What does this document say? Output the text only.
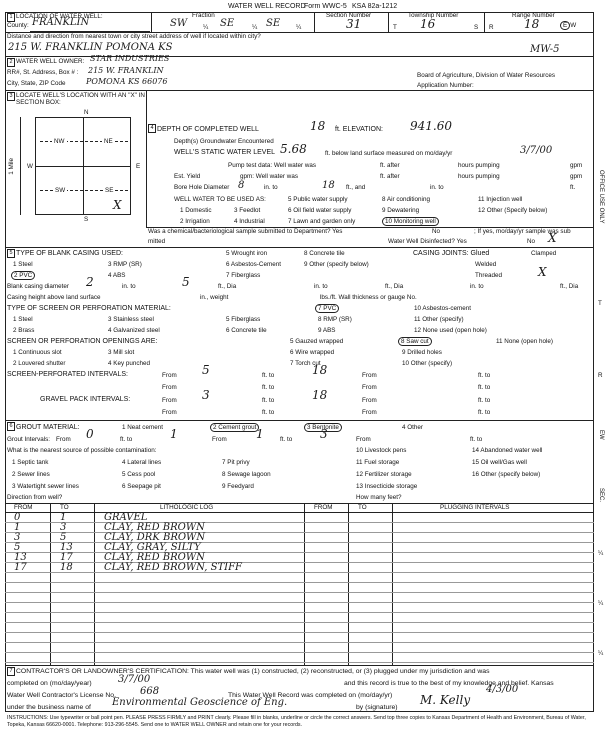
WATER WELL RECORD
Form WWC-5 KSA 82a-1212
1 LOCATION OF WATER WELL:
County: FRANKLIN
Fraction
SW	¼ SE	¼ SE	¼
Section Number
31
Township Number
T 16	S
Range Number
R	18	E W
Distance and direction from nearest town or city street address of well if located within city?
215 W. FRANKLIN POMONA KS	MW-5
2 WATER WELL OWNER: STAR INDUSTRIES
RR#, St. Address, Box # : 215 W. FRANKLIN
City, State, ZIP Code	POMONA KS 66076
Board of Agriculture, Division of Water Resources
Application Number:
3 LOCATE WELL'S LOCATION WITH AN "X" IN SECTION BOX:
N
S
W	E
NW	NE
SW	SE
X
1 Mile
4 DEPTH OF COMPLETED WELL	18 ft. ELEVATION: 941.60
Depth(s) Groundwater Encountered
WELL'S STATIC WATER LEVEL 5.68	ft. below land surface measured on mo/day/yr	3/7/00
Pump test data: Well water was	ft. after	hours pumping	gpm
Est. Yield	gpm: Well water was	ft. after	hours pumping	gpm
Bore Hole Diameter 8	in. to	18 ft., and	in. to	ft.
WELL WATER TO BE USED AS:	5 Public water supply	8 Air conditioning	11 Injection well
1 Domestic	3 Feedlot	6 Oil field water supply	9 Dewatering	12 Other (Specify below)
2 Irrigation	4 Industrial	7 Lawn and garden only	10 Monitoring well
Was a chemical/bacteriological sample submitted to Department? Yes	No	; If yes, mo/day/yr sample was sub
mitted	Water Well Disinfected? Yes	No X
5 TYPE OF BLANK CASING USED:
1 Steel	3 RMP (SR)
5 Wrought iron	8 Concrete tile
2 PVC	4 ABS
6 Asbestos-Cement	9 Other (specify below)
7 Fiberglass
CASING JOINTS: Glued	Clamped
Welded
Threaded	X
Blank casing diameter 2	in. to	5	ft., Dia	in. to	ft., Dia	in. to	ft., Dia
Casing height above land surface	in., weight	lbs./ft. Wall thickness or gauge No.
TYPE OF SCREEN OR PERFORATION MATERIAL:	7 PVC	10 Asbestos-cement
1 Steel	3 Stainless steel	5 Fiberglass	8 RMP (SR)	11 Other (specify)
2 Brass	4 Galvanized steel	6 Concrete tile	9 ABS	12 None used (open hole)
SCREEN OR PERFORATION OPENINGS ARE:	5 Gauzed wrapped	8 Saw cut	11 None (open hole)
1 Continuous slot	3 Mill slot	6 Wire wrapped	9 Drilled holes
2 Louvered shutter	4 Key punched	7 Torch cut	10 Other (specify)
SCREEN-PERFORATED INTERVALS:	From 5	ft. to	18	From	ft. to
From	ft. to	From	ft. to
GRAVEL PACK INTERVALS:	From 3	ft. to	18	From	ft. to
From	ft. to	From	ft. to
6 GROUT MATERIAL:	1 Neat cement	2 Cement grout	3 Bentonite	4 Other
Grout Intervals: From 0	ft. to	1	From 1	ft. to 3	From	ft. to
What is the nearest source of possible contamination:	10 Livestock pens	14 Abandoned water well
1 Septic tank	4 Lateral lines	7 Pit privy	11 Fuel storage	15 Oil well/Gas well
2 Sewer lines	5 Cess pool	8 Sewage lagoon	12 Fertilizer storage	16 Other (specify below)
3 Watertight sewer lines	6 Seepage pit	9 Feedyard	13 Insecticide storage
Direction from well?	How many feet?
FROM	TO	LITHOLOGIC LOG	FROM	TO	PLUGGING INTERVALS
0	1	GRAVEL
1	3	CLAY, RED BROWN
3	5	CLAY, DRK BROWN
5	13	CLAY, GRAY, SILTY
13	17	CLAY, RED BROWN
17	18	CLAY, RED BROWN, STIFF
7 CONTRACTOR'S OR LANDOWNER'S CERTIFICATION: This water well was (1) constructed, (2) reconstructed, or (3) plugged under my jurisdiction and was
completed on (mo/day/year)	3/7/00	and this record is true to the best of my knowledge and belief. Kansas
Water Well Contractor's License No. 668	This Water Well Record was completed on (mo/day/yr)
4/3/00
under the business name of Environmental Geoscience of Eng.	by (signature)
M. Kelly
INSTRUCTIONS: Use typewriter or ball point pen. PLEASE PRESS FIRMLY and PRINT clearly. Please fill in blanks, underline or circle the correct answers. Send top three copies to Kansas Department of Health and Environment, Bureau of Water, Topeka, Kansas 66620-0001. Telephone: 913-296-5545. Send one to WATER WELL OWNER and retain one for your records.
OFFICE USE ONLY
T
R
EW
SEC.
¼
¼
¼
